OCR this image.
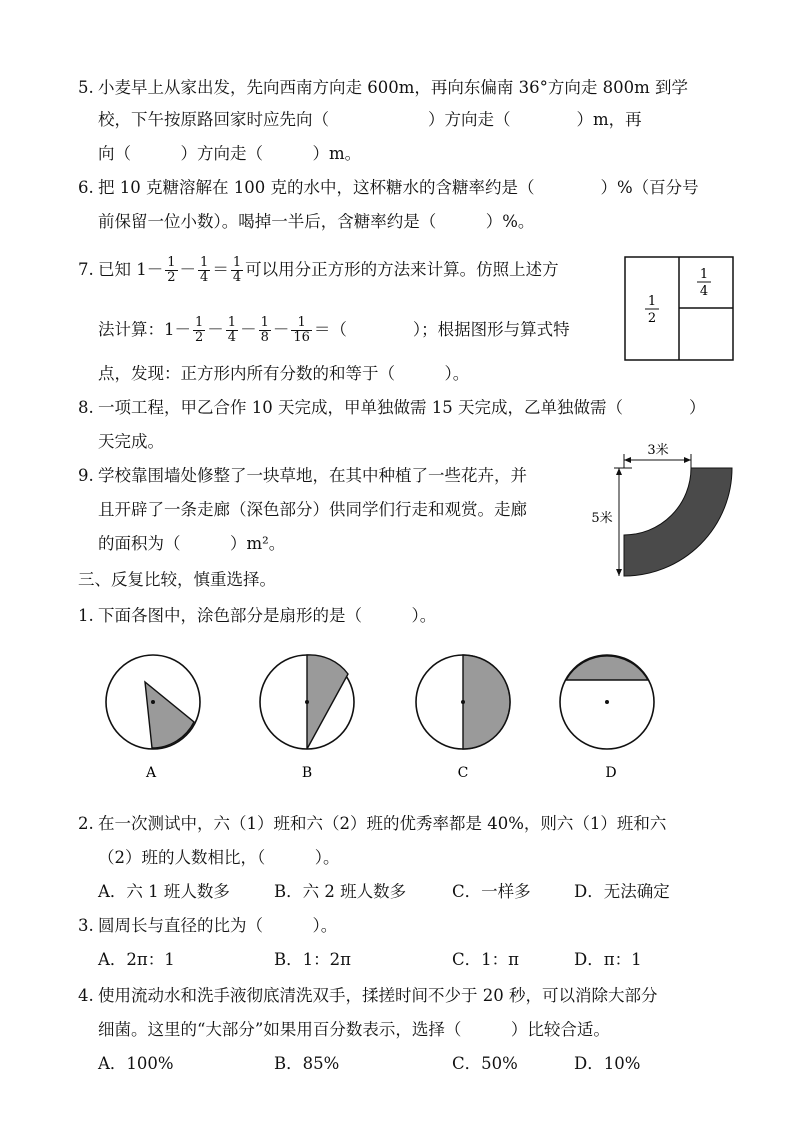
5. 小麦早上从家出发，先向西南方向走 600m，再向东偏南 36°方向走 800m 到学
校，下午按原路回家时应先向（　　　　　　）方向走（　　　　）m，再
向（　　　）方向走（　　　）m。
6. 把 10 克糖溶解在 100 克的水中，这杯糖水的含糖率约是（　　　　）%（百分号
前保留一位小数）。喝掉一半后，含糖率约是（　　　）%。
7. 已知 $1- \frac{1}{2} - \frac{1}{4} = \frac{1}{4}$ 可以用分正方形的方法来计算。仿照上述方
法计算：$1- \frac{1}{2} - \frac{1}{4} - \frac{1}{8} - \frac{1}{16}$ ＝（　　　　）；根据图形与算式特
点，发现：正方形内所有分数的和等于（　　　）。
1
2
1
4
8. 一项工程，甲乙合作 10 天完成，甲单独做需 15 天完成，乙单独做需（　　　　）
天完成。
9. 学校靠围墙处修整了一块草地，在其中种植了一些花卉，并
且开辟了一条走廊（深色部分）供同学们行走和观赏。走廊
的面积为（　　　）m²。
3米
5米
三、反复比较，慎重选择。
1. 下面各图中，涂色部分是扇形的是（　　　）。
A	B	C	D
2. 在一次测试中，六（1）班和六（2）班的优秀率都是 40%，则六（1）班和六
（2）班的人数相比，（　　　）。
A．六 1 班人数多	B．六 2 班人数多	C．一样多	D．无法确定
3. 圆周长与直径的比为（　　　）。
A．2π：1	B．1：2π	C．1：π	D．π：1
4. 使用流动水和洗手液彻底清洗双手，揉搓时间不少于 20 秒，可以消除大部分
细菌。这里的“大部分”如果用百分数表示，选择（　　　）比较合适。
A．100%	B．85%	C．50%	D．10%
